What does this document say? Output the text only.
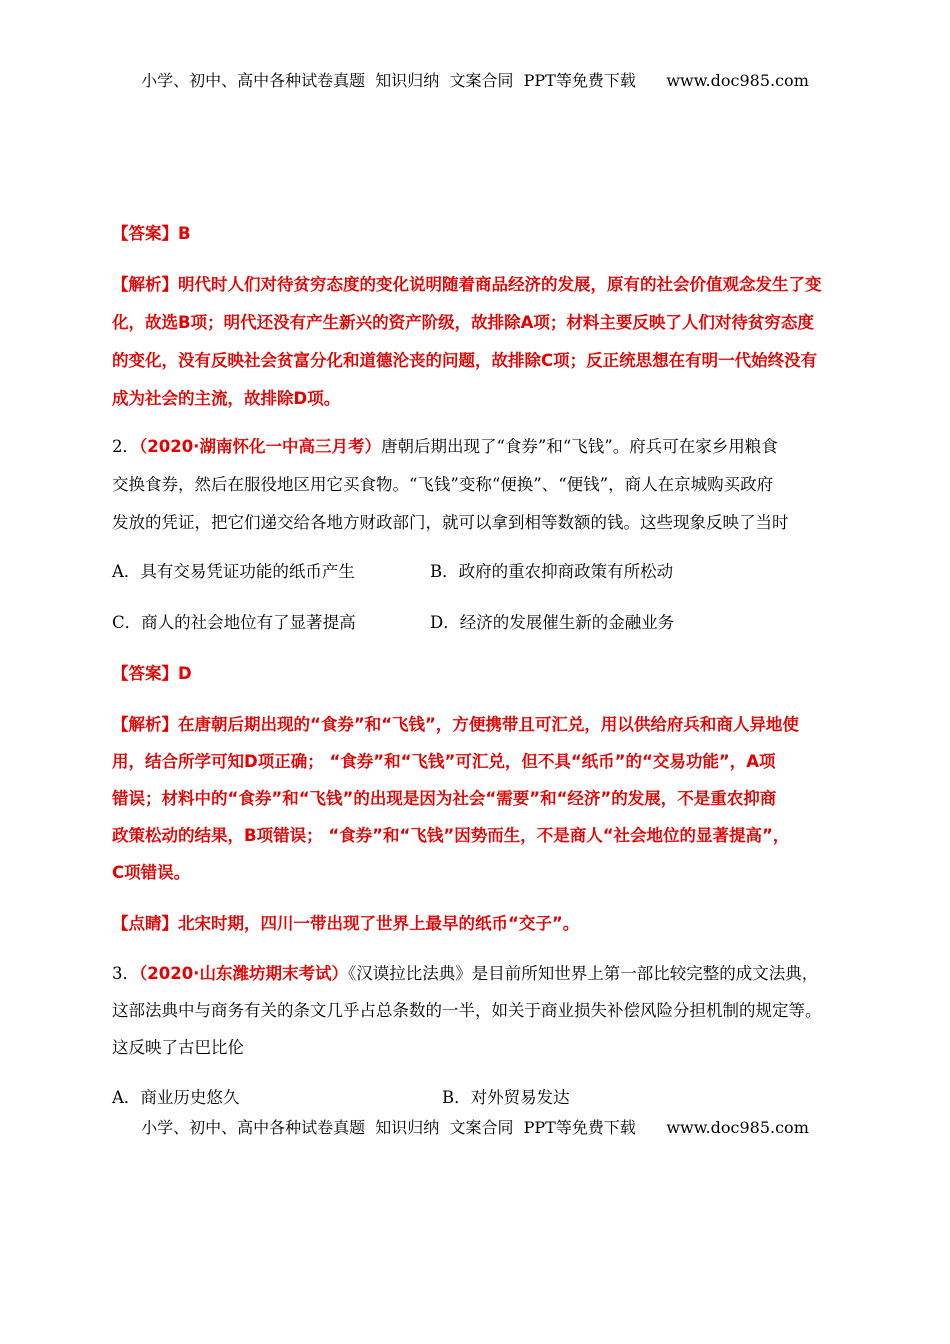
小学、初中、高中各种试卷真题  知识归纳  文案合同  PPT等免费下载      www.doc985.com
【答案】B
【解析】明代时人们对待贫穷态度的变化说明随着商品经济的发展，原有的社会价值观念发生了变
化，故选B项；明代还没有产生新兴的资产阶级，故排除A项；材料主要反映了人们对待贫穷态度
的变化，没有反映社会贫富分化和道德沦丧的问题，故排除C项；反正统思想在有明一代始终没有
成为社会的主流，故排除D项。
2．（2020·湖南怀化一中高三月考）唐朝后期出现了“食券”和“飞钱”。府兵可在家乡用粮食
交换食券，然后在服役地区用它买食物。“飞钱”变称“便换”、“便钱”，商人在京城购买政府
发放的凭证，把它们递交给各地方财政部门，就可以拿到相等数额的钱。这些现象反映了当时
A．具有交易凭证功能的纸币产生	B．政府的重农抑商政策有所松动
C．商人的社会地位有了显著提高	D．经济的发展催生新的金融业务
【答案】D
【解析】在唐朝后期出现的“食券”和“飞钱”，方便携带且可汇兑，用以供给府兵和商人异地使
用，结合所学可知D项正确； “食券”和“飞钱”可汇兑，但不具“纸币”的“交易功能”，A项
错误；材料中的“食券”和“飞钱”的出现是因为社会“需要”和“经济”的发展，不是重农抑商
政策松动的结果，B项错误； “食券”和“飞钱”因势而生，不是商人“社会地位的显著提高”，
C项错误。
【点睛】北宋时期，四川一带出现了世界上最早的纸币“交子”。
3．（2020·山东潍坊期末考试）《汉谟拉比法典》是目前所知世界上第一部比较完整的成文法典，
这部法典中与商务有关的条文几乎占总条数的一半，如关于商业损失补偿风险分担机制的规定等。
这反映了古巴比伦
A．商业历史悠久	B．对外贸易发达
小学、初中、高中各种试卷真题  知识归纳  文案合同  PPT等免费下载      www.doc985.com
